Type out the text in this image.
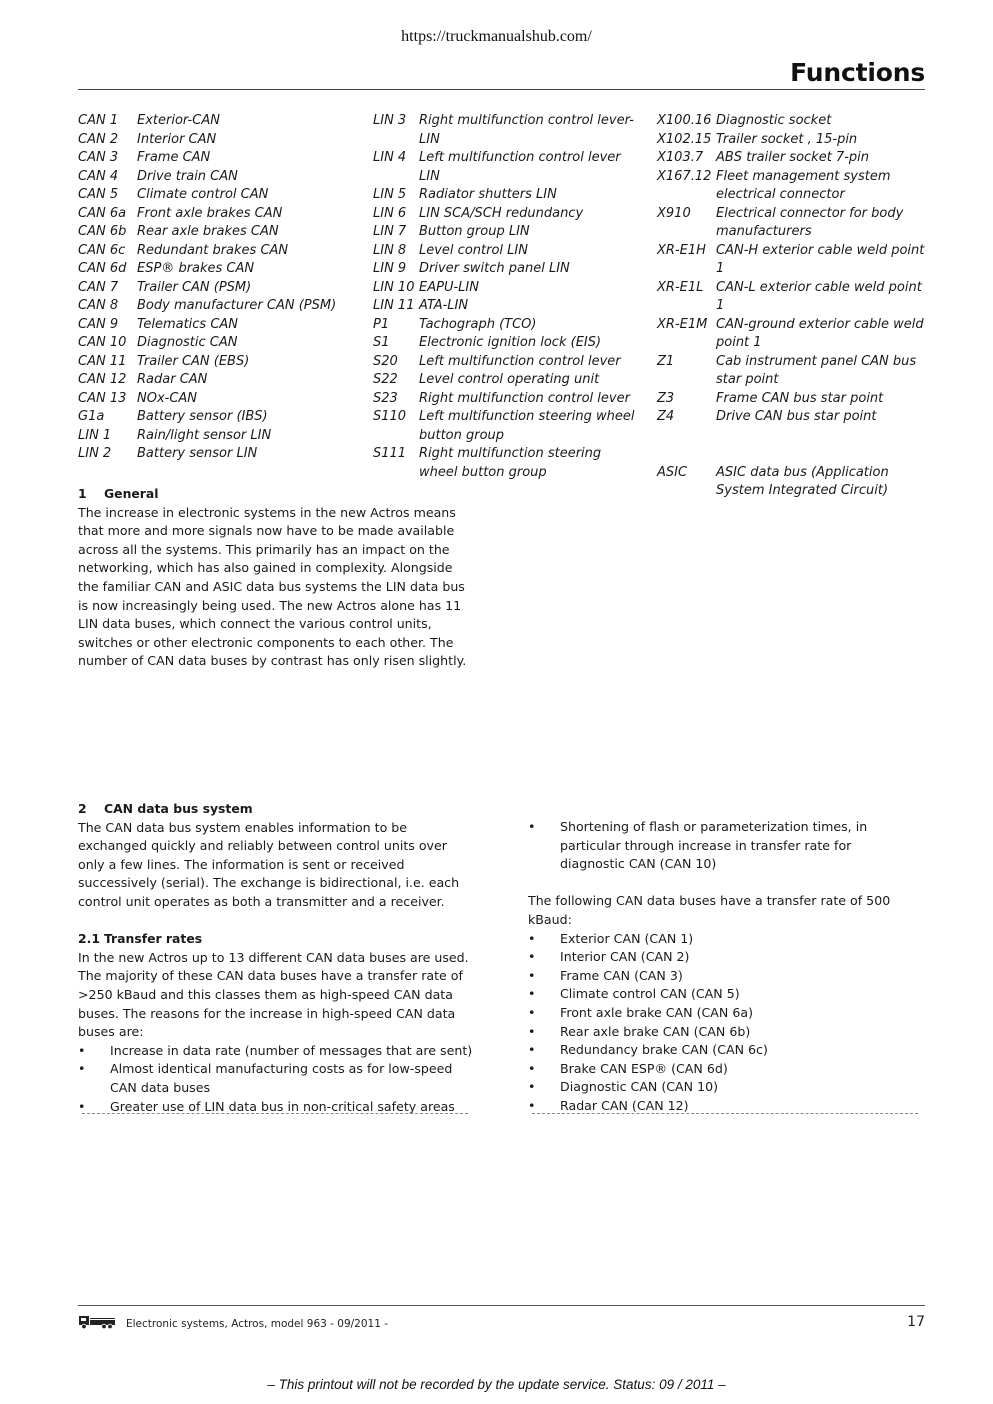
https://truckmanualshub.com/
Functions
CAN 1	Exterior-CAN
CAN 2	Interior CAN
CAN 3	Frame CAN
CAN 4	Drive train CAN
CAN 5	Climate control CAN
CAN 6a Front axle brakes CAN
CAN 6b Rear axle brakes CAN
CAN 6c Redundant brakes CAN
CAN 6d ESP® brakes CAN
CAN 7	Trailer CAN (PSM)
CAN 8	Body manufacturer CAN (PSM)
CAN 9	Telematics CAN
CAN 10 Diagnostic CAN
CAN 11 Trailer CAN (EBS)
CAN 12 Radar CAN
CAN 13 NOx-CAN
G1a	Battery sensor (IBS)
LIN 1	Rain/light sensor LIN
LIN 2	Battery sensor LIN
LIN 3 Right multifunction control lever-LIN
LIN 4 Left multifunction control lever LIN
LIN 5 Radiator shutters LIN
LIN 6 LIN SCA/SCH redundancy
LIN 7 Button group LIN
LIN 8 Level control LIN
LIN 9 Driver switch panel LIN
LIN 10 EAPU-LIN
LIN 11 ATA-LIN
P1	Tachograph (TCO)
S1	Electronic ignition lock (EIS)
S20	Left multifunction control lever
S22	Level control operating unit
S23	Right multifunction control lever
S110 Left multifunction steering wheel button group
S111 Right multifunction steering wheel button group
X100.16 Diagnostic socket
X102.15 Trailer socket , 15-pin
X103.7 ABS trailer socket 7-pin
X167.12 Fleet management system electrical connector
X910	Electrical connector for body manufacturers
XR-E1H CAN-H exterior cable weld point 1
XR-E1L CAN-L exterior cable weld point 1
XR-E1M CAN-ground exterior cable weld point 1
Z1	Cab instrument panel CAN bus star point
Z3	Frame CAN bus star point
Z4	Drive CAN bus star point
ASIC	ASIC data bus (Application System Integrated Circuit)

1 General

The increase in electronic systems in the new Actros means that more and more signals now have to be made available across all the systems. This primarily has an impact on the networking, which has also gained in complexity. Alongside the familiar CAN and ASIC data bus systems the LIN data bus is now increasingly being used. The new Actros alone has 11 LIN data buses, which connect the various control units, switches or other electronic components to each other. The number of CAN data buses by contrast has only risen slightly.

2 CAN data bus system

The CAN data bus system enables information to be exchanged quickly and reliably between control units over only a few lines. The information is sent or received successively (serial). The exchange is bidirectional, i.e. each control unit operates as both a transmitter and a receiver.

2.1 Transfer rates

In the new Actros up to 13 different CAN data buses are used. The majority of these CAN data buses have a transfer rate of >250 kBaud and this classes them as high-speed CAN data buses. The reasons for the increase in high-speed CAN data buses are:

• Increase in data rate (number of messages that are sent)
• Almost identical manufacturing costs as for low-speed CAN data buses
• Greater use of LIN data bus in non-critical safety areas
• Shortening of flash or parameterization times, in particular through increase in transfer rate for diagnostic CAN (CAN 10)

The following CAN data buses have a transfer rate of 500 kBaud:

• Exterior CAN (CAN 1)
• Interior CAN (CAN 2)
• Frame CAN (CAN 3)
• Climate control CAN (CAN 5)
• Front axle brake CAN (CAN 6a)
• Rear axle brake CAN (CAN 6b)
• Redundancy brake CAN (CAN 6c)
• Brake CAN ESP® (CAN 6d)
• Diagnostic CAN (CAN 10)
• Radar CAN (CAN 12)
Electronic systems, Actros, model 963 - 09/2011 -	17
– This printout will not be recorded by the update service. Status: 09 / 2011 –
